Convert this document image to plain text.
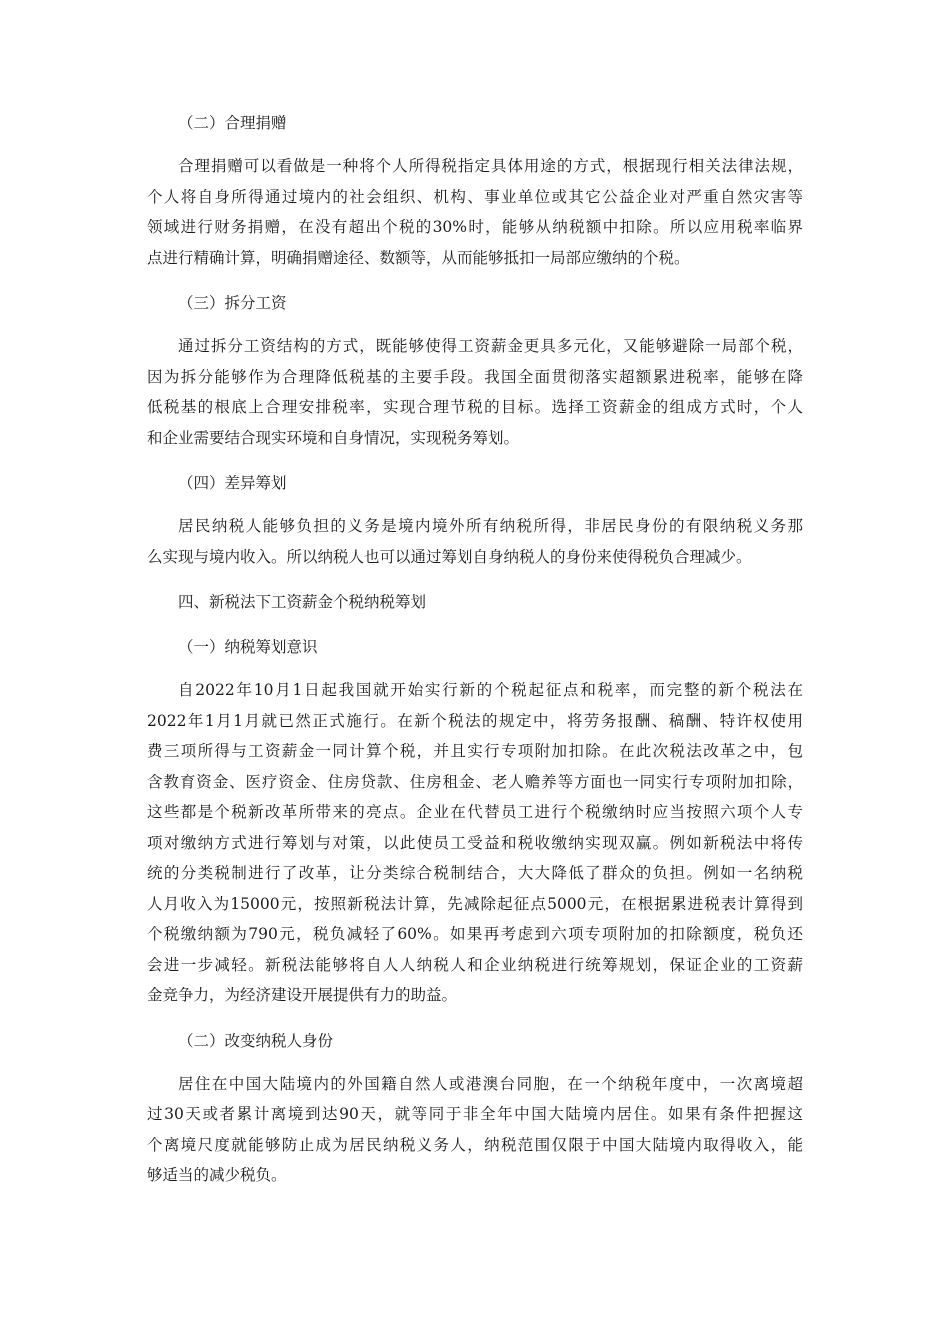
（二）合理捐赠
合理捐赠可以看做是一种将个人所得税指定具体用途的方式，根据现行相关法律法规，
个人将自身所得通过境内的社会组织、机构、事业单位或其它公益企业对严重自然灾害等
领域进行财务捐赠，在没有超出个税的30%时，能够从纳税额中扣除。所以应用税率临界
点进行精确计算，明确捐赠途径、数额等，从而能够抵扣一局部应缴纳的个税。
（三）拆分工资
通过拆分工资结构的方式，既能够使得工资薪金更具多元化，又能够避除一局部个税，
因为拆分能够作为合理降低税基的主要手段。我国全面贯彻落实超额累进税率，能够在降
低税基的根底上合理安排税率，实现合理节税的目标。选择工资薪金的组成方式时，个人
和企业需要结合现实环境和自身情况，实现税务筹划。
（四）差异筹划
居民纳税人能够负担的义务是境内境外所有纳税所得，非居民身份的有限纳税义务那
么实现与境内收入。所以纳税人也可以通过筹划自身纳税人的身份来使得税负合理减少。
四、新税法下工资薪金个税纳税筹划
（一）纳税筹划意识
自2022年10月1日起我国就开始实行新的个税起征点和税率，而完整的新个税法在
2022年1月1月就已然正式施行。在新个税法的规定中，将劳务报酬、稿酬、特许权使用
费三项所得与工资薪金一同计算个税，并且实行专项附加扣除。在此次税法改革之中，包
含教育资金、医疗资金、住房贷款、住房租金、老人赡养等方面也一同实行专项附加扣除，
这些都是个税新改革所带来的亮点。企业在代替员工进行个税缴纳时应当按照六项个人专
项对缴纳方式进行筹划与对策，以此使员工受益和税收缴纳实现双赢。例如新税法中将传
统的分类税制进行了改革，让分类综合税制结合，大大降低了群众的负担。例如一名纳税
人月收入为15000元，按照新税法计算，先减除起征点5000元，在根据累进税表计算得到
个税缴纳额为790元，税负减轻了60%。如果再考虑到六项专项附加的扣除额度，税负还
会进一步减轻。新税法能够将自人人纳税人和企业纳税进行统筹规划，保证企业的工资薪
金竞争力，为经济建设开展提供有力的助益。
（二）改变纳税人身份
居住在中国大陆境内的外国籍自然人或港澳台同胞，在一个纳税年度中，一次离境超
过30天或者累计离境到达90天，就等同于非全年中国大陆境内居住。如果有条件把握这
个离境尺度就能够防止成为居民纳税义务人，纳税范围仅限于中国大陆境内取得收入，能
够适当的减少税负。
